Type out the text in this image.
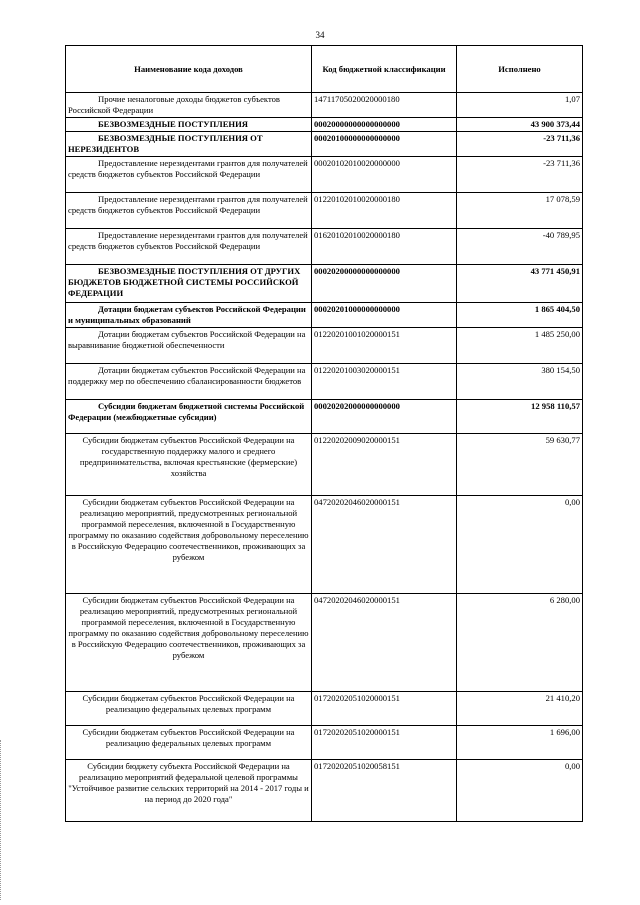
34
Наименование кода доходов	Код бюджетной классификации	Исполнено
Прочие неналоговые доходы бюджетов субъектов Российской Федерации	14711705020020000180	1,07
БЕЗВОЗМЕЗДНЫЕ ПОСТУПЛЕНИЯ	00020000000000000000	43 900 373,44
БЕЗВОЗМЕЗДНЫЕ ПОСТУПЛЕНИЯ ОТ НЕРЕЗИДЕНТОВ	00020100000000000000	-23 711,36
Предоставление нерезидентами грантов для получателей средств бюджетов субъектов Российской Федерации	00020102010020000000	-23 711,36
Предоставление нерезидентами грантов для получателей средств бюджетов субъектов Российской Федерации	01220102010020000180	17 078,59
Предоставление нерезидентами грантов для получателей средств бюджетов субъектов Российской Федерации	01620102010020000180	-40 789,95
БЕЗВОЗМЕЗДНЫЕ ПОСТУПЛЕНИЯ ОТ ДРУГИХ БЮДЖЕТОВ БЮДЖЕТНОЙ СИСТЕМЫ РОССИЙСКОЙ ФЕДЕРАЦИИ	00020200000000000000	43 771 450,91
Дотации бюджетам субъектов Российской Федерации и муниципальных образований	00020201000000000000	1 865 404,50
Дотации бюджетам субъектов Российской Федерации на выравнивание бюджетной обеспеченности	01220201001020000151	1 485 250,00
Дотации бюджетам субъектов Российской Федерации на поддержку мер по обеспечению сбалансированности бюджетов	01220201003020000151	380 154,50
Субсидии бюджетам бюджетной системы Российской Федерации (межбюджетные субсидии)	00020202000000000000	12 958 110,57
Субсидии бюджетам субъектов Российской Федерации на государственную поддержку малого и среднего предпринимательства, включая крестьянские (фермерские) хозяйства	01220202009020000151	59 630,77
Субсидии бюджетам субъектов Российской Федерации на реализацию мероприятий, предусмотренных региональной программой переселения, включенной в Государственную программу по оказанию содействия добровольному переселению в Российскую Федерацию соотечественников, проживающих за рубежом	04720202046020000151	0,00
Субсидии бюджетам субъектов Российской Федерации на реализацию мероприятий, предусмотренных региональной программой переселения, включенной в Государственную программу по оказанию содействия добровольному переселению в Российскую Федерацию соотечественников, проживающих за рубежом	04720202046020000151	6 280,00
Субсидии бюджетам субъектов Российской Федерации на реализацию федеральных целевых программ	01720202051020000151	21 410,20
Субсидии бюджетам субъектов Российской Федерации на реализацию федеральных целевых программ	01720202051020000151	1 696,00
Субсидии бюджету субъекта Российской Федерации на реализацию мероприятий федеральной целевой программы "Устойчивое развитие сельских территорий на 2014 - 2017 годы и на период до 2020 года"	01720202051020058151	0,00
